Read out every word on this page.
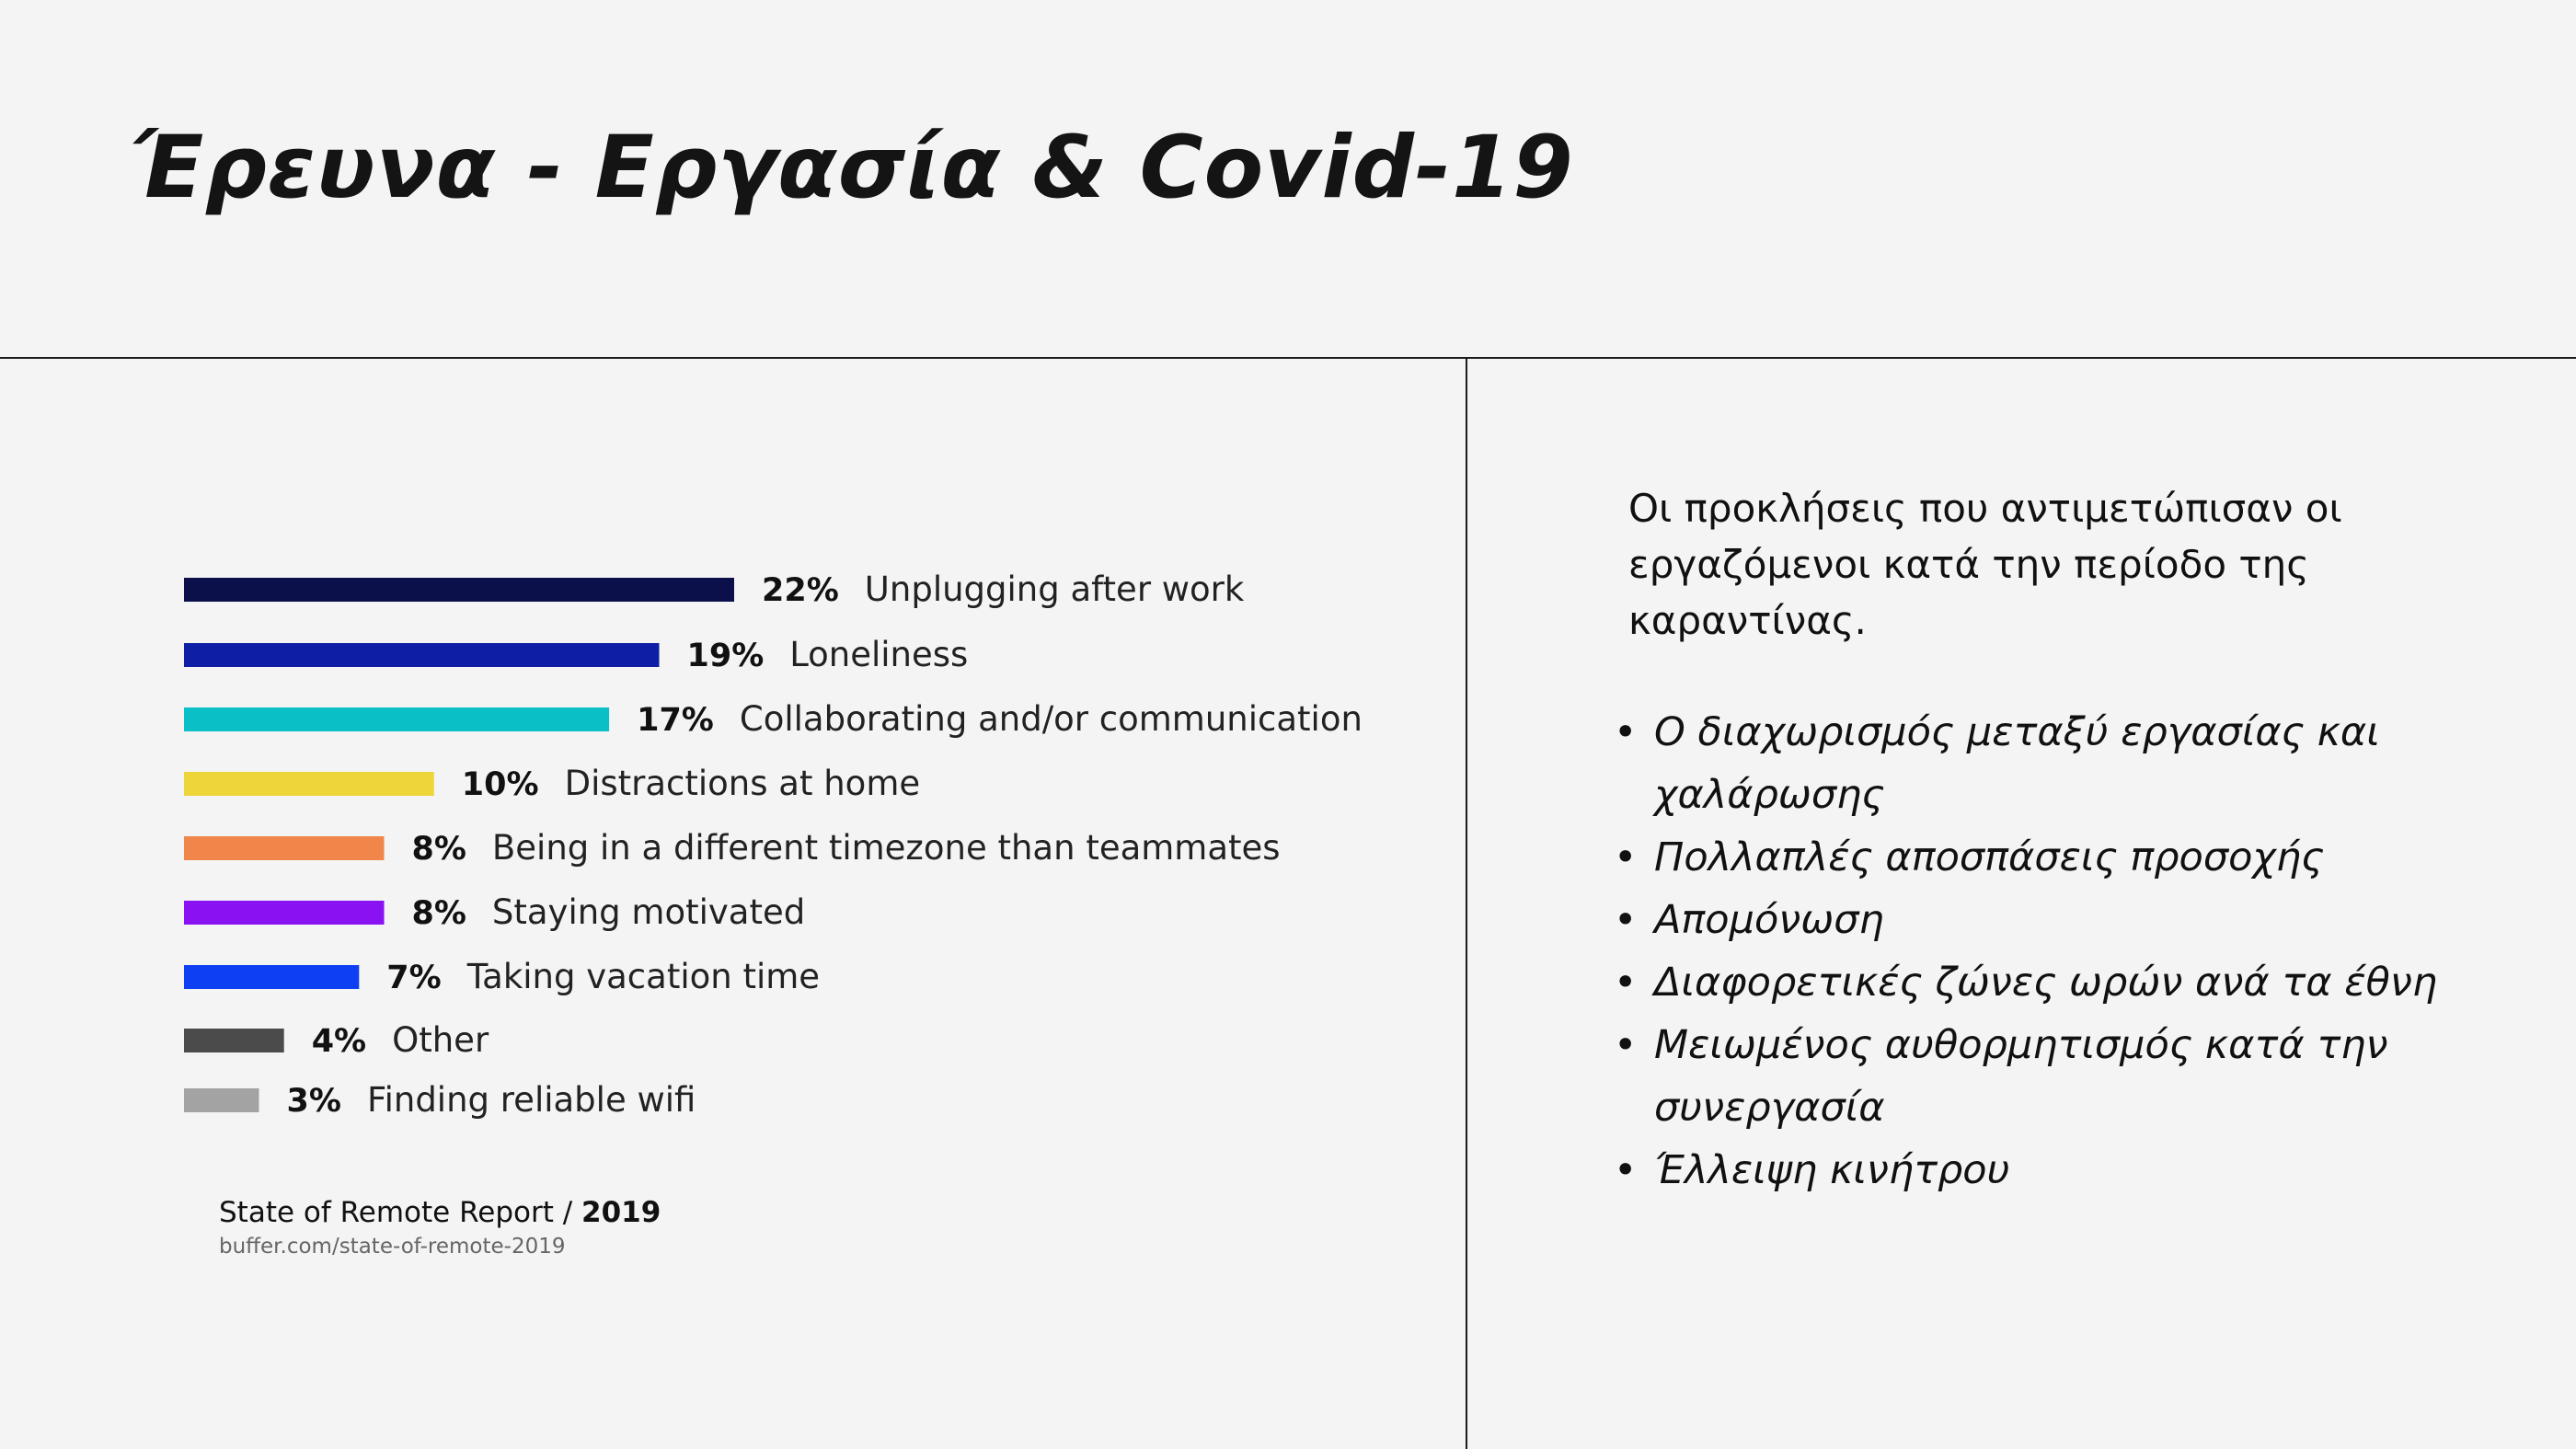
Έρευνα - Εργασία & Covid-19
22% Unplugging after work
19% Loneliness
17% Collaborating and/or communication
10% Distractions at home
8% Being in a different timezone than teammates
8% Staying motivated
7% Taking vacation time
4% Other
3% Finding reliable wifi
State of Remote Report / 2019
buffer.com/state-of-remote-2019

Οι προκλήσεις που αντιμετώπισαν οι εργαζόμενοι κατά την περίοδο της καραντίνας.

• Ο διαχωρισμός μεταξύ εργασίας και χαλάρωσης
• Πολλαπλές αποσπάσεις προσοχής
• Απομόνωση
• Διαφορετικές ζώνες ωρών ανά τα έθνη
• Μειωμένος αυθορμητισμός κατά την συνεργασία
• Έλλειψη κινήτρου
